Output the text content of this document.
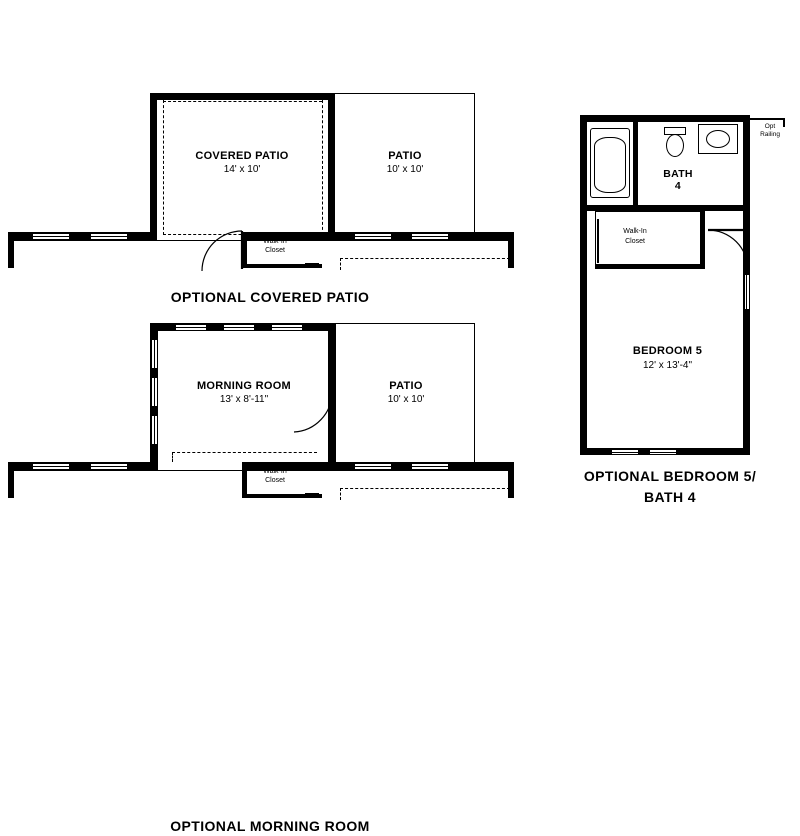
COVERED PATIO
14' x 10'
PATIO
10' x 10'
Walk-In
Closet
OPTIONAL COVERED PATIO
MORNING ROOM
13' x 8'-11"
PATIO
10' x 10'
Walk-In
Closet
OPTIONAL MORNING ROOM
Opt
Railing
BATH
4
Walk-In
Closet
BEDROOM 5
12' x 13'-4"
OPTIONAL BEDROOM 5/
BATH 4
